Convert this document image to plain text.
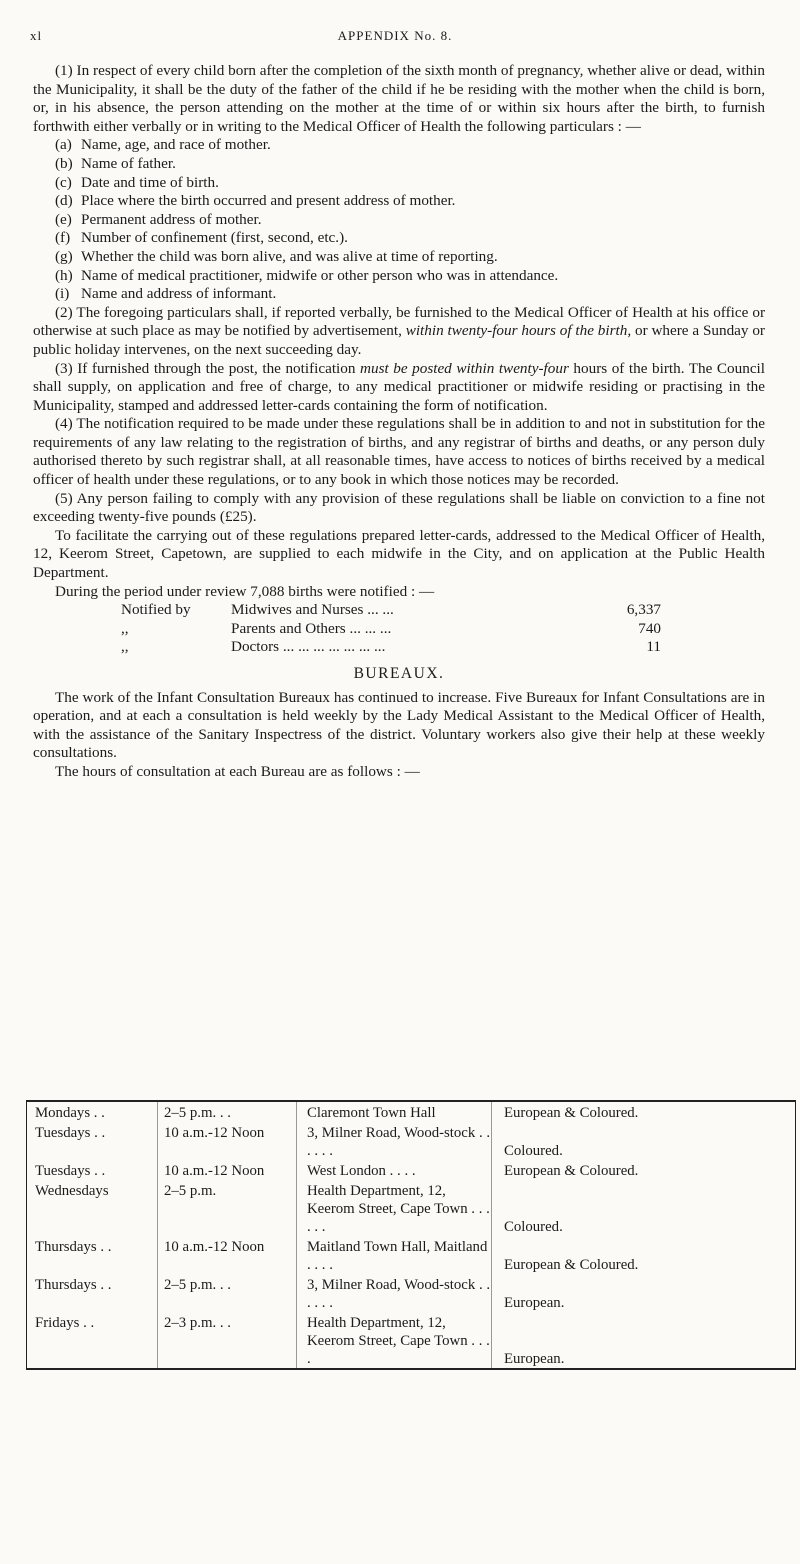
xl	APPENDIX No. 8.

(1) In respect of every child born after the completion of the sixth month of pregnancy, whether alive or dead, within the Municipality, it shall be the duty of the father of the child if he be residing with the mother when the child is born, or, in his absence, the person attending on the mother at the time of or within six hours after the birth, to furnish forthwith either verbally or in writing to the Medical Officer of Health the following particulars : —

(a) Name, age, and race of mother.
(b) Name of father.
(c) Date and time of birth.
(d) Place where the birth occurred and present address of mother.
(e) Permanent address of mother.
(f) Number of confinement (first, second, etc.).
(g) Whether the child was born alive, and was alive at time of reporting.
(h) Name of medical practitioner, midwife or other person who was in attendance.
(i) Name and address of informant.

(2) The foregoing particulars shall, if reported verbally, be furnished to the Medical Officer of Health at his office or otherwise at such place as may be notified by advertisement, within twenty-four hours of the birth, or where a Sunday or public holiday intervenes, on the next succeeding day.

(3) If furnished through the post, the notification must be posted within twenty-four hours of the birth. The Council shall supply, on application and free of charge, to any medical practitioner or midwife residing or practising in the Municipality, stamped and addressed letter-cards containing the form of notification.

(4) The notification required to be made under these regulations shall be in addition to and not in substitution for the requirements of any law relating to the registration of births, and any registrar of births and deaths, or any person duly authorised thereto by such registrar shall, at all reasonable times, have access to notices of births received by a medical officer of health under these regulations, or to any book in which those notices may be recorded.

(5) Any person failing to comply with any provision of these regulations shall be liable on conviction to a fine not exceeding twenty-five pounds (£25).

To facilitate the carrying out of these regulations prepared letter-cards, addressed to the Medical Officer of Health, 12, Keerom Street, Capetown, are supplied to each midwife in the City, and on application at the Public Health Department.

During the period under review 7,088 births were notified : —

Notified by	Midwives and Nurses ... ...	6,337
,,	Parents and Others ... ... ...	740
,,	Doctors ... ... ... ... ... ... ...	11
BUREAUX.

The work of the Infant Consultation Bureaux has continued to increase. Five Bureaux for Infant Consultations are in operation, and at each a consultation is held weekly by the Lady Medical Assistant to the Medical Officer of Health, with the assistance of the Sanitary Inspectress of the district. Voluntary workers also give their help at these weekly consultations.

The hours of consultation at each Bureau are as follows : —

Mondays . .	2–5 p.m. . .	Claremont Town Hall	European & Coloured.
Tuesdays . .	10 a.m.-12 Noon	3, Milner Road, Wood-stock . . . . . .	Coloured.
Tuesdays . .	10 a.m.-12 Noon	West London . . . .	European & Coloured.
Wednesdays	2–5 p.m.	Health Department, 12, Keerom Street, Cape Town . . . . . .	Coloured.
Thursdays . .	10 a.m.-12 Noon	Maitland Town Hall, Maitland . . . .	European & Coloured.
Thursdays . .	2–5 p.m. . .	3, Milner Road, Wood-stock . . . . . .	European.
Fridays . .	2–3 p.m. . .	Health Department, 12, Keerom Street, Cape Town . . . .	European.
